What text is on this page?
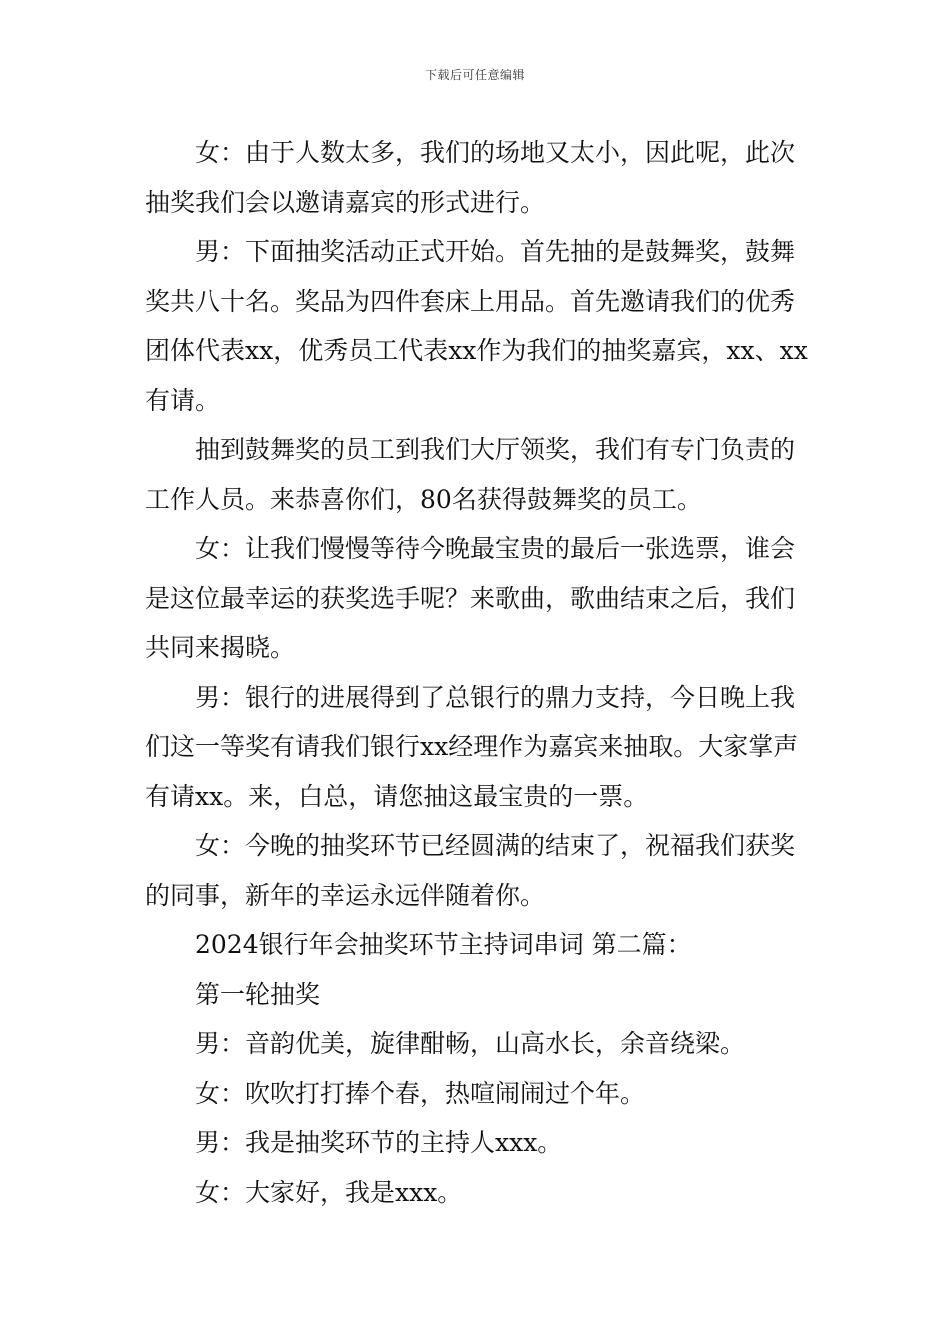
下载后可任意编辑

女：由于人数太多，我们的场地又太小，因此呢，此次抽奖我们会以邀请嘉宾的形式进行。

男：下面抽奖活动正式开始。首先抽的是鼓舞奖，鼓舞奖共八十名。奖品为四件套床上用品。首先邀请我们的优秀团体代表xx，优秀员工代表xx作为我们的抽奖嘉宾，xx、xx有请。

抽到鼓舞奖的员工到我们大厅领奖，我们有专门负责的工作人员。来恭喜你们，80名获得鼓舞奖的员工。

女：让我们慢慢等待今晚最宝贵的最后一张选票，谁会是这位最幸运的获奖选手呢？来歌曲，歌曲结束之后，我们共同来揭晓。

男：银行的进展得到了总银行的鼎力支持，今日晚上我们这一等奖有请我们银行xx经理作为嘉宾来抽取。大家掌声有请xx。来，白总，请您抽这最宝贵的一票。

女：今晚的抽奖环节已经圆满的结束了，祝福我们获奖的同事，新年的幸运永远伴随着你。

2024银行年会抽奖环节主持词串词 第二篇：

第一轮抽奖

男：音韵优美，旋律酣畅，山高水长，余音绕梁。

女：吹吹打打捧个春，热喧闹闹过个年。

男：我是抽奖环节的主持人xxx。

女：大家好，我是xxx。
